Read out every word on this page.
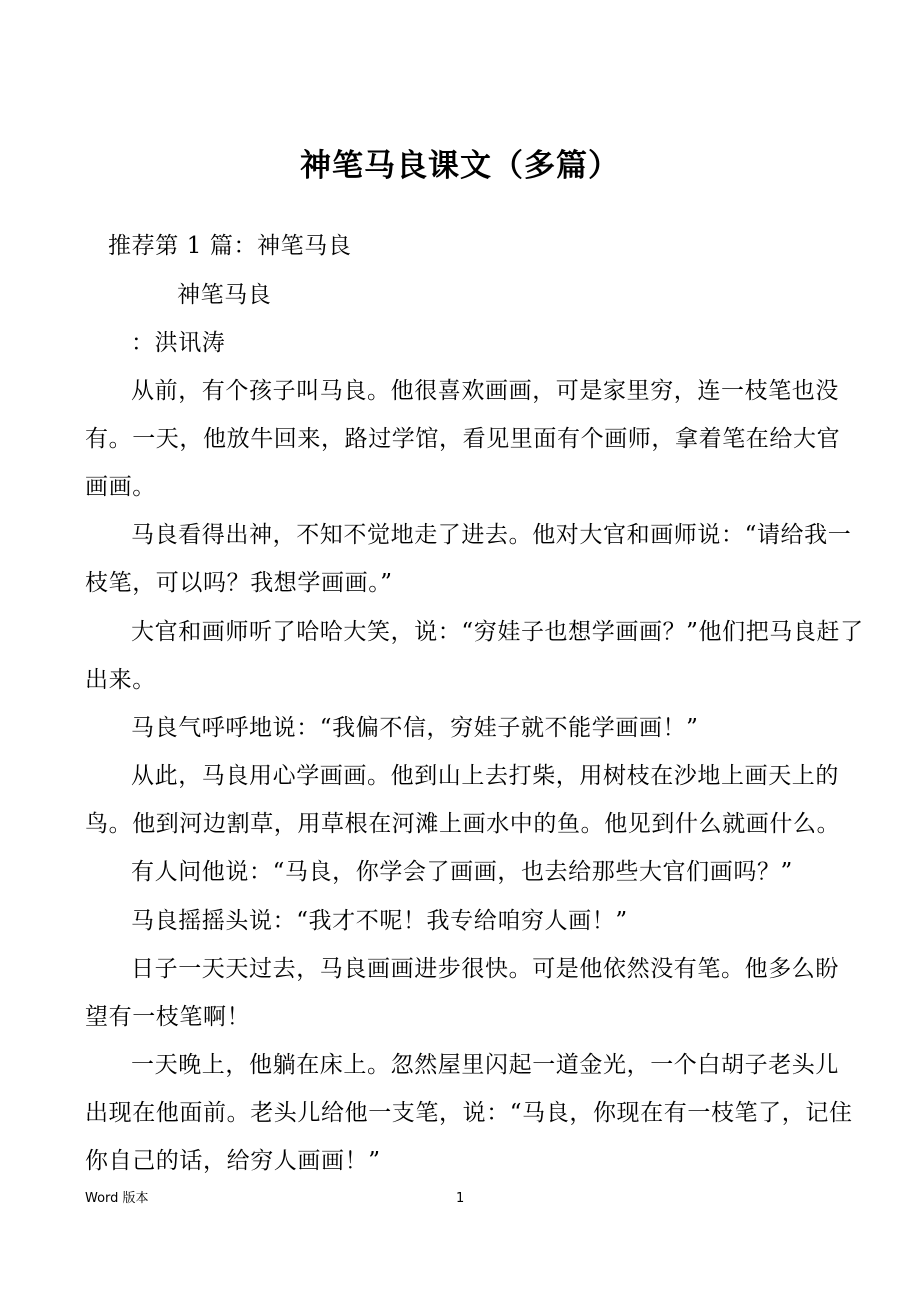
神笔马良课文（多篇）
推荐第 1 篇：神笔马良
神笔马良
：洪讯涛
从前，有个孩子叫马良。他很喜欢画画，可是家里穷，连一枝笔也没
有。一天，他放牛回来，路过学馆，看见里面有个画师，拿着笔在给大官
画画。
马良看得出神，不知不觉地走了进去。他对大官和画师说：“请给我一
枝笔，可以吗？我想学画画。”
大官和画师听了哈哈大笑，说：“穷娃子也想学画画？”他们把马良赶了
出来。
马良气呼呼地说：“我偏不信，穷娃子就不能学画画！”
从此，马良用心学画画。他到山上去打柴，用树枝在沙地上画天上的
鸟。他到河边割草，用草根在河滩上画水中的鱼。他见到什么就画什么。
有人问他说：“马良，你学会了画画，也去给那些大官们画吗？”
马良摇摇头说：“我才不呢！我专给咱穷人画！”
日子一天天过去，马良画画进步很快。可是他依然没有笔。他多么盼
望有一枝笔啊！
一天晚上，他躺在床上。忽然屋里闪起一道金光，一个白胡子老头儿
出现在他面前。老头儿给他一支笔，说：“马良，你现在有一枝笔了，记住
你自己的话，给穷人画画！”
Word 版本	1
